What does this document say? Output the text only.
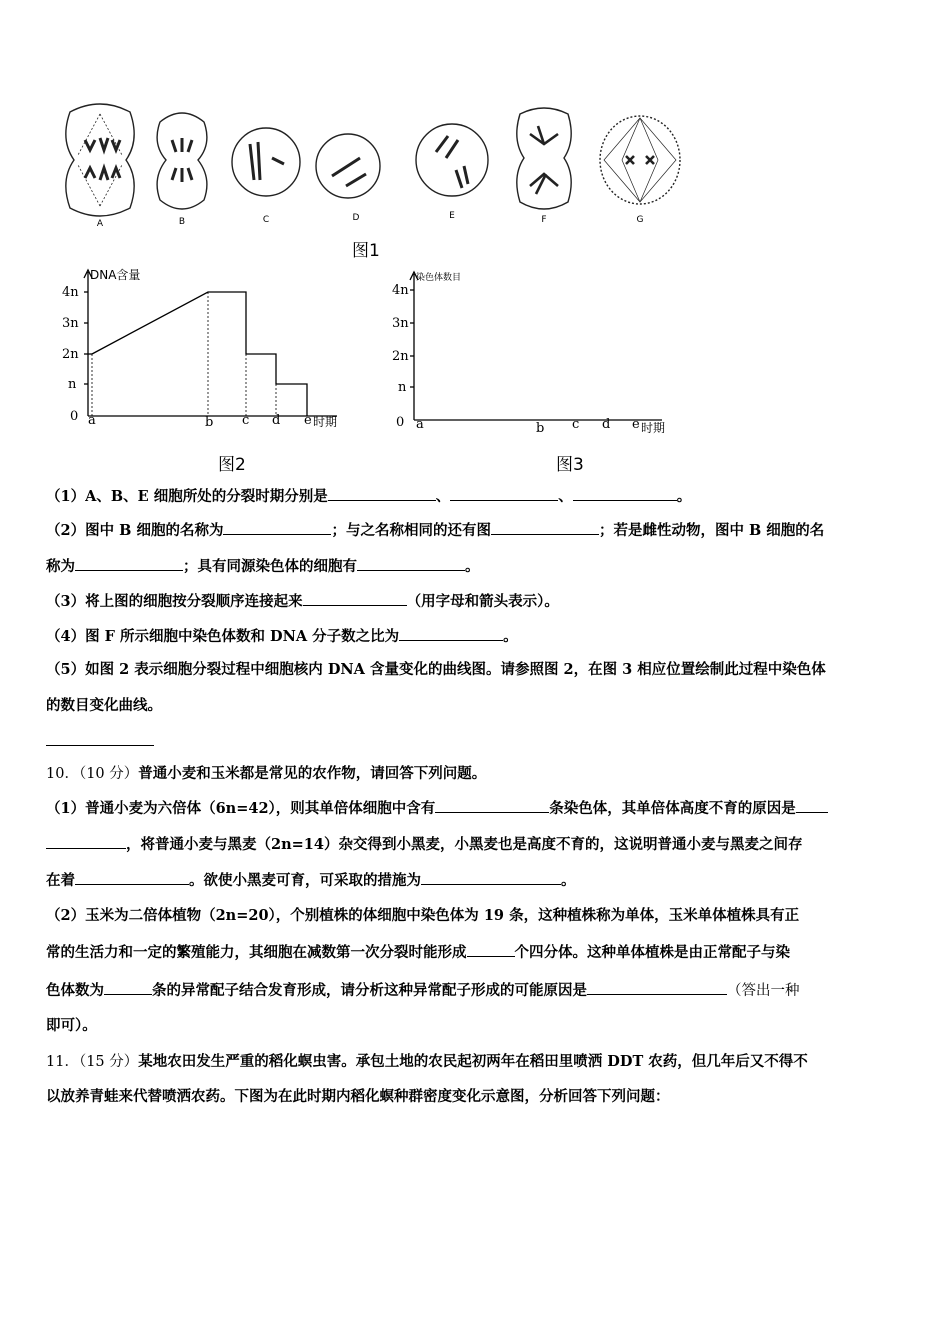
A	B	C	D	E	F	G
图1
DNA含量
4n
3n
2n
n
0 a	b c d e 时期
图2
染色体数目
4n
3n
2n
n
0 a	b c d e 时期
图3
（1）A、B、E 细胞所处的分裂时期分别是	、	、	。
（2）图中 B 细胞的名称为	；与之名称相同的还有图	；若是雌性动物，图中 B 细胞的名
称为	；具有同源染色体的细胞有	。
（3）将上图的细胞按分裂顺序连接起来	（用字母和箭头表示）。
（4）图 F 所示细胞中染色体数和 DNA 分子数之比为	。
（5）如图 2 表示细胞分裂过程中细胞核内 DNA 含量变化的曲线图。请参照图 2，在图 3 相应位置绘制此过程中染色体
的数目变化曲线。
10．（10 分）普通小麦和玉米都是常见的农作物，请回答下列问题。
（1）普通小麦为六倍体（6n=42），则其单倍体细胞中含有	条染色体，其单倍体高度不育的原因是
，将普通小麦与黑麦（2n=14）杂交得到小黑麦，小黑麦也是高度不育的，这说明普通小麦与黑麦之间存
在着	。欲使小黑麦可育，可采取的措施为	。
（2）玉米为二倍体植物（2n=20），个别植株的体细胞中染色体为 19 条，这种植株称为单体，玉米单体植株具有正
常的生活力和一定的繁殖能力，其细胞在减数第一次分裂时能形成	个四分体。这种单体植株是由正常配子与染
色体数为	条的异常配子结合发育形成，请分析这种异常配子形成的可能原因是	（答出一种
即可）。
11．（15 分）某地农田发生严重的稻化螟虫害。承包土地的农民起初两年在稻田里喷洒 DDT 农药，但几年后又不得不
以放养青蛙来代替喷洒农药。下图为在此时期内稻化螟种群密度变化示意图，分析回答下列问题：
